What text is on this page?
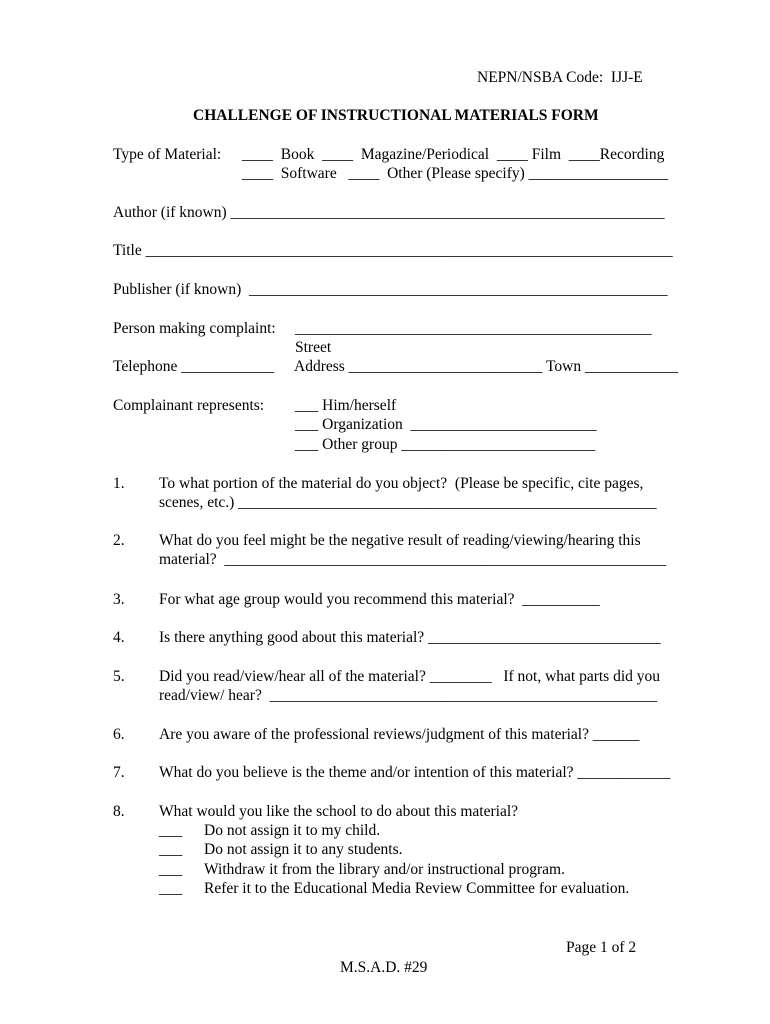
NEPN/NSBA Code:  IJJ-E
CHALLENGE OF INSTRUCTIONAL MATERIALS FORM
Type of Material: ____  Book  ____  Magazine/Periodical  ____ Film  ____Recording
____  Software   ____  Other (Please specify) __________________
Author (if known) ________________________________________________________
Title ____________________________________________________________________
Publisher (if known)  ______________________________________________________
Person making complaint: ______________________________________________
Street
Telephone ____________ Address _________________________ Town ____________
Complainant represents: ___ Him/herself
___ Organization  ________________________
___ Other group _________________________
1. To what portion of the material do you object?  (Please be specific, cite pages,
scenes, etc.) ______________________________________________________
2. What do you feel might be the negative result of reading/viewing/hearing this
material?  _________________________________________________________
3. For what age group would you recommend this material?  __________
4. Is there anything good about this material? ______________________________
5. Did you read/view/hear all of the material? ________   If not, what parts did you
read/view/ hear?  __________________________________________________
6. Are you aware of the professional reviews/judgment of this material? ______
7. What do you believe is the theme and/or intention of this material? ____________
8. What would you like the school to do about this material?
___ Do not assign it to my child.
___ Do not assign it to any students.
___ Withdraw it from the library and/or instructional program.
___ Refer it to the Educational Media Review Committee for evaluation.
Page 1 of 2
M.S.A.D. #29
